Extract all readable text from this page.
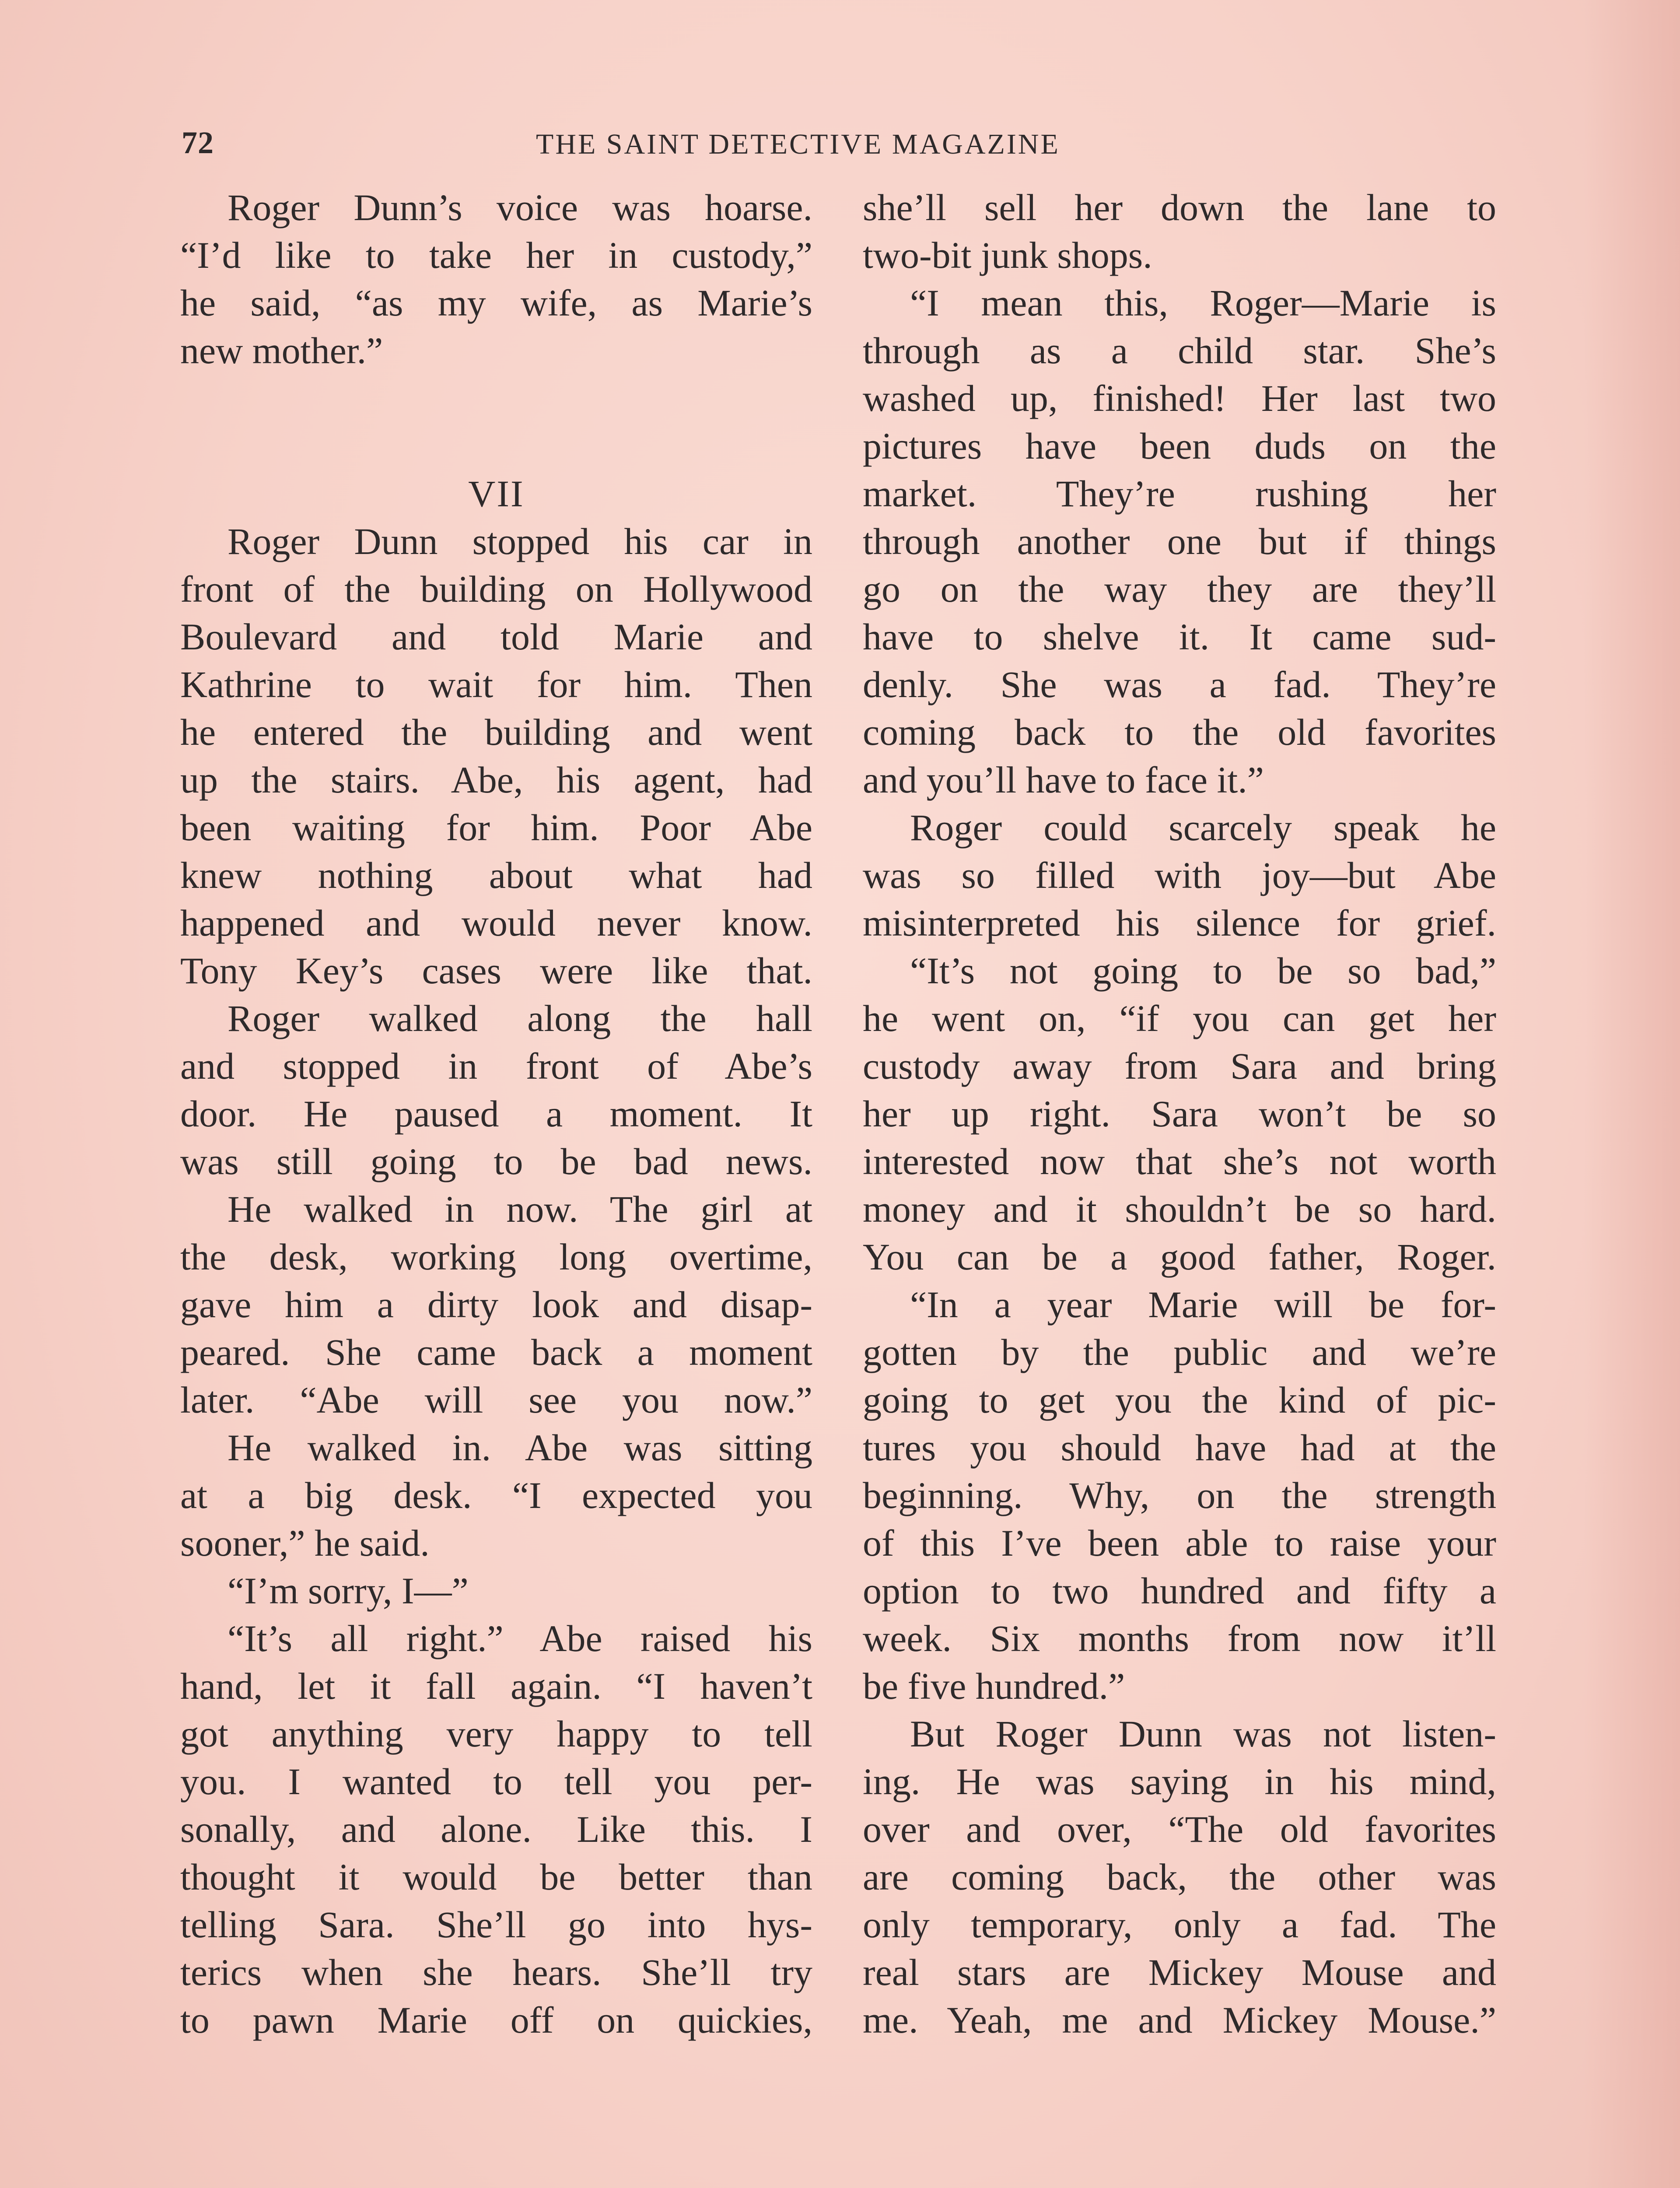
72	THE SAINT DETECTIVE MAGAZINE
Roger Dunn’s voice was hoarse.
“I’d like to take her in custody,”
he said, “as my wife, as Marie’s
new mother.”
VII
Roger Dunn stopped his car in
front of the building on Hollywood
Boulevard and told Marie and
Kathrine to wait for him. Then
he entered the building and went
up the stairs. Abe, his agent, had
been waiting for him. Poor Abe
knew nothing about what had
happened and would never know.
Tony Key’s cases were like that.
Roger walked along the hall
and stopped in front of Abe’s
door. He paused a moment. It
was still going to be bad news.
He walked in now. The girl at
the desk, working long overtime,
gave him a dirty look and disap-
peared. She came back a moment
later. “Abe will see you now.”
He walked in. Abe was sitting
at a big desk. “I expected you
sooner,” he said.
“I’m sorry, I—”
“It’s all right.” Abe raised his
hand, let it fall again. “I haven’t
got anything very happy to tell
you. I wanted to tell you per-
sonally, and alone. Like this. I
thought it would be better than
telling Sara. She’ll go into hys-
terics when she hears. She’ll try
to pawn Marie off on quickies,
she’ll sell her down the lane to
two-bit junk shops.
“I mean this, Roger—Marie is
through as a child star. She’s
washed up, finished! Her last two
pictures have been duds on the
market. They’re rushing her
through another one but if things
go on the way they are they’ll
have to shelve it. It came sud-
denly. She was a fad. They’re
coming back to the old favorites
and you’ll have to face it.”
Roger could scarcely speak he
was so filled with joy—but Abe
misinterpreted his silence for grief.
“It’s not going to be so bad,”
he went on, “if you can get her
custody away from Sara and bring
her up right. Sara won’t be so
interested now that she’s not worth
money and it shouldn’t be so hard.
You can be a good father, Roger.
“In a year Marie will be for-
gotten by the public and we’re
going to get you the kind of pic-
tures you should have had at the
beginning. Why, on the strength
of this I’ve been able to raise your
option to two hundred and fifty a
week. Six months from now it’ll
be five hundred.”
But Roger Dunn was not listen-
ing. He was saying in his mind,
over and over, “The old favorites
are coming back, the other was
only temporary, only a fad. The
real stars are Mickey Mouse and
me. Yeah, me and Mickey Mouse.”
